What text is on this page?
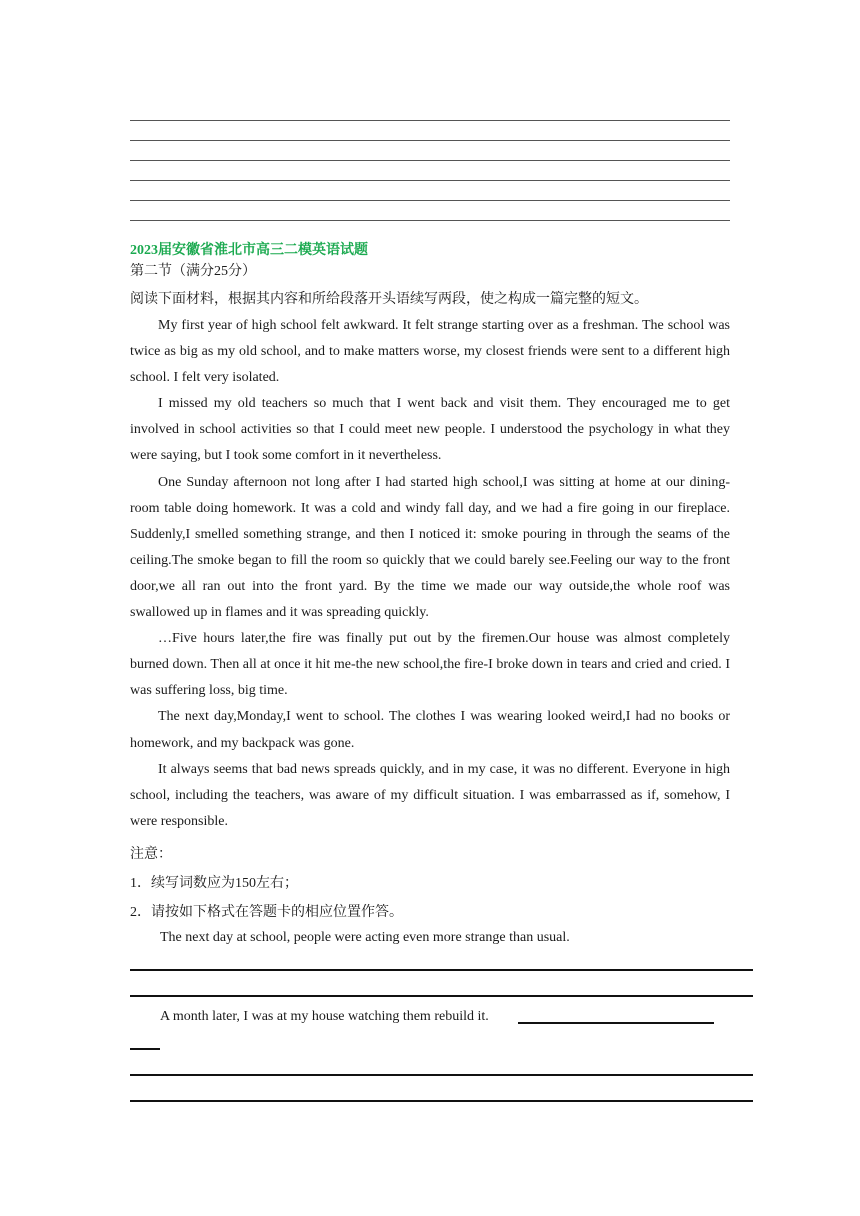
2023届安徽省淮北市高三二模英语试题
第二节（满分25分）
阅读下面材料，根据其内容和所给段落开头语续写两段，使之构成一篇完整的短文。

My first year of high school felt awkward. It felt strange starting over as a freshman. The school was twice as big as my old school, and to make matters worse, my closest friends were sent to a different high school. I felt very isolated.

I missed my old teachers so much that I went back and visit them. They encouraged me to get involved in school activities so that I could meet new people. I understood the psychology in what they were saying, but I took some comfort in it nevertheless.

One Sunday afternoon not long after I had started high school,I was sitting at home at our dining-room table doing homework. It was a cold and windy fall day, and we had a fire going in our fireplace. Suddenly,I smelled something strange, and then I noticed it: smoke pouring in through the seams of the ceiling.The smoke began to fill the room so quickly that we could barely see.Feeling our way to the front door,we all ran out into the front yard. By the time we made our way outside,the whole roof was swallowed up in flames and it was spreading quickly.

…Five hours later,the fire was finally put out by the firemen.Our house was almost completely burned down. Then all at once it hit me-the new school,the fire-I broke down in tears and cried and cried. I was suffering loss, big time.

The next day,Monday,I went to school. The clothes I was wearing looked weird,I had no books or homework, and my backpack was gone.

It always seems that bad news spreads quickly, and in my case, it was no different. Everyone in high school, including the teachers, was aware of my difficult situation. I was embarrassed as if, somehow, I were responsible.

注意：
1．续写词数应为150左右；
2．请按如下格式在答题卡的相应位置作答。
The next day at school, people were acting even more strange than usual.
A month later, I was at my house watching them rebuild it.
